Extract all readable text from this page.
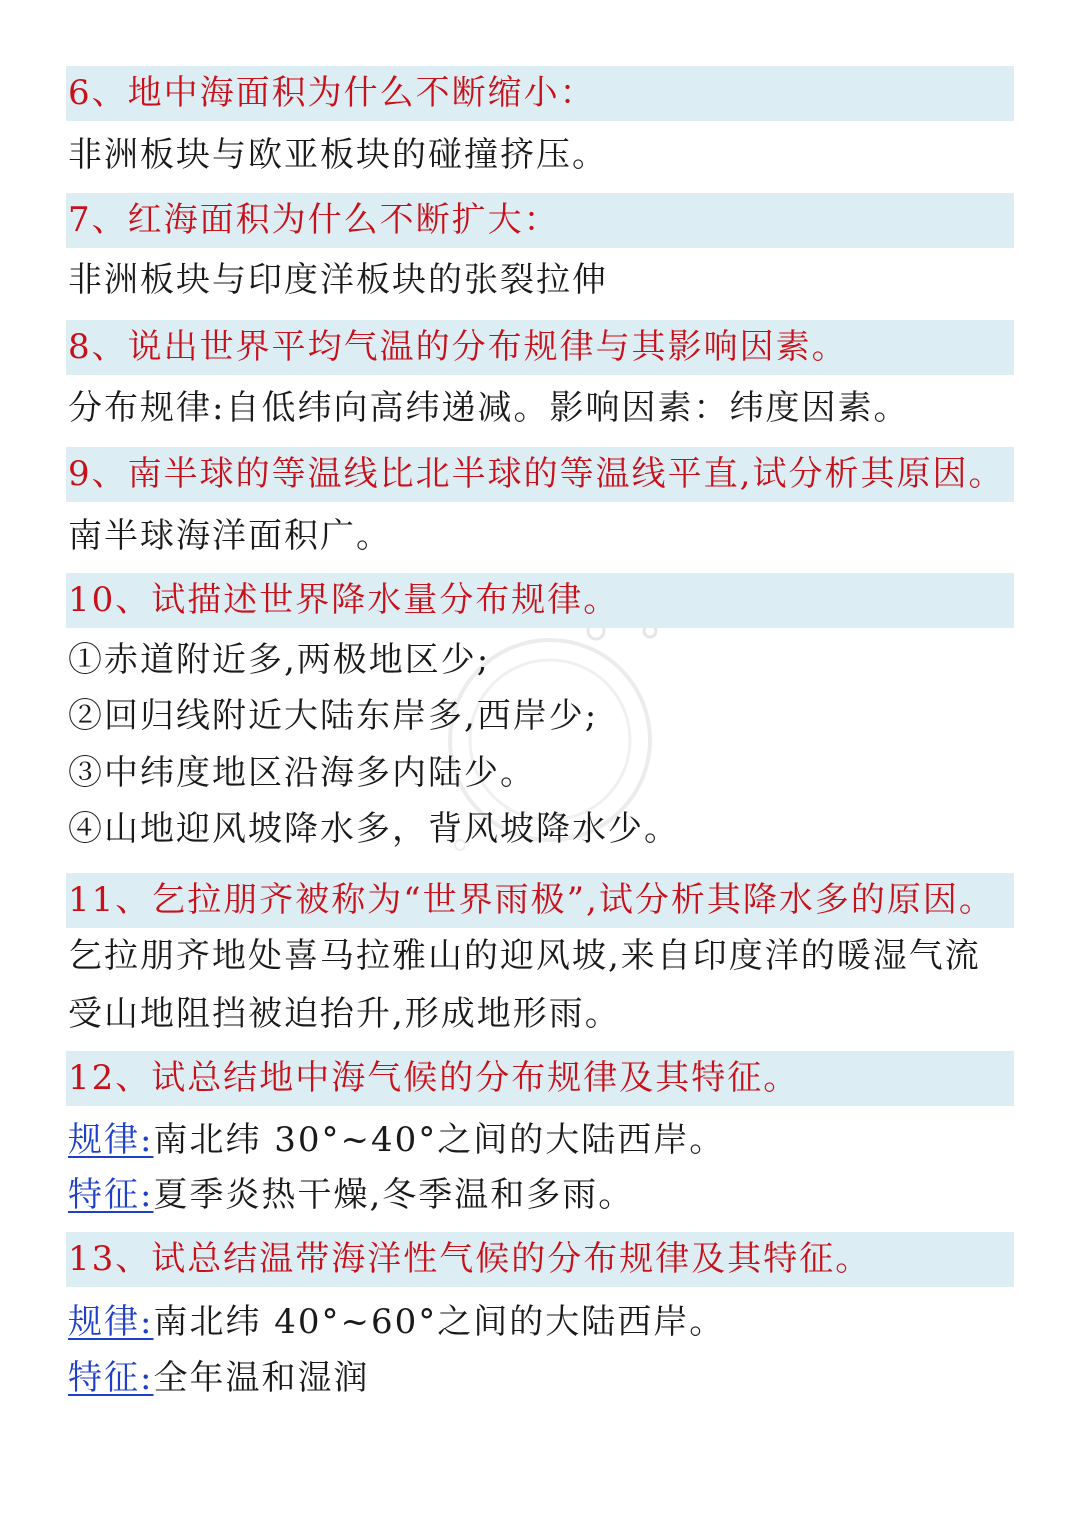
6、地中海面积为什么不断缩小：
非洲板块与欧亚板块的碰撞挤压。
7、红海面积为什么不断扩大：
非洲板块与印度洋板块的张裂拉伸
8、说出世界平均气温的分布规律与其影响因素。
分布规律:自低纬向高纬递减。影响因素：纬度因素。
9、南半球的等温线比北半球的等温线平直,试分析其原因。
南半球海洋面积广。
10、试描述世界降水量分布规律。
①赤道附近多,两极地区少;
②回归线附近大陆东岸多,西岸少;
③中纬度地区沿海多内陆少。
④山地迎风坡降水多，背风坡降水少。
11、乞拉朋齐被称为“世界雨极”,试分析其降水多的原因。
乞拉朋齐地处喜马拉雅山的迎风坡,来自印度洋的暖湿气流
受山地阻挡被迫抬升,形成地形雨。
12、试总结地中海气候的分布规律及其特征。
规律:南北纬 30°~40°之间的大陆西岸。
特征:夏季炎热干燥,冬季温和多雨。
13、试总结温带海洋性气候的分布规律及其特征。
规律:南北纬 40°~60°之间的大陆西岸。
特征:全年温和湿润
